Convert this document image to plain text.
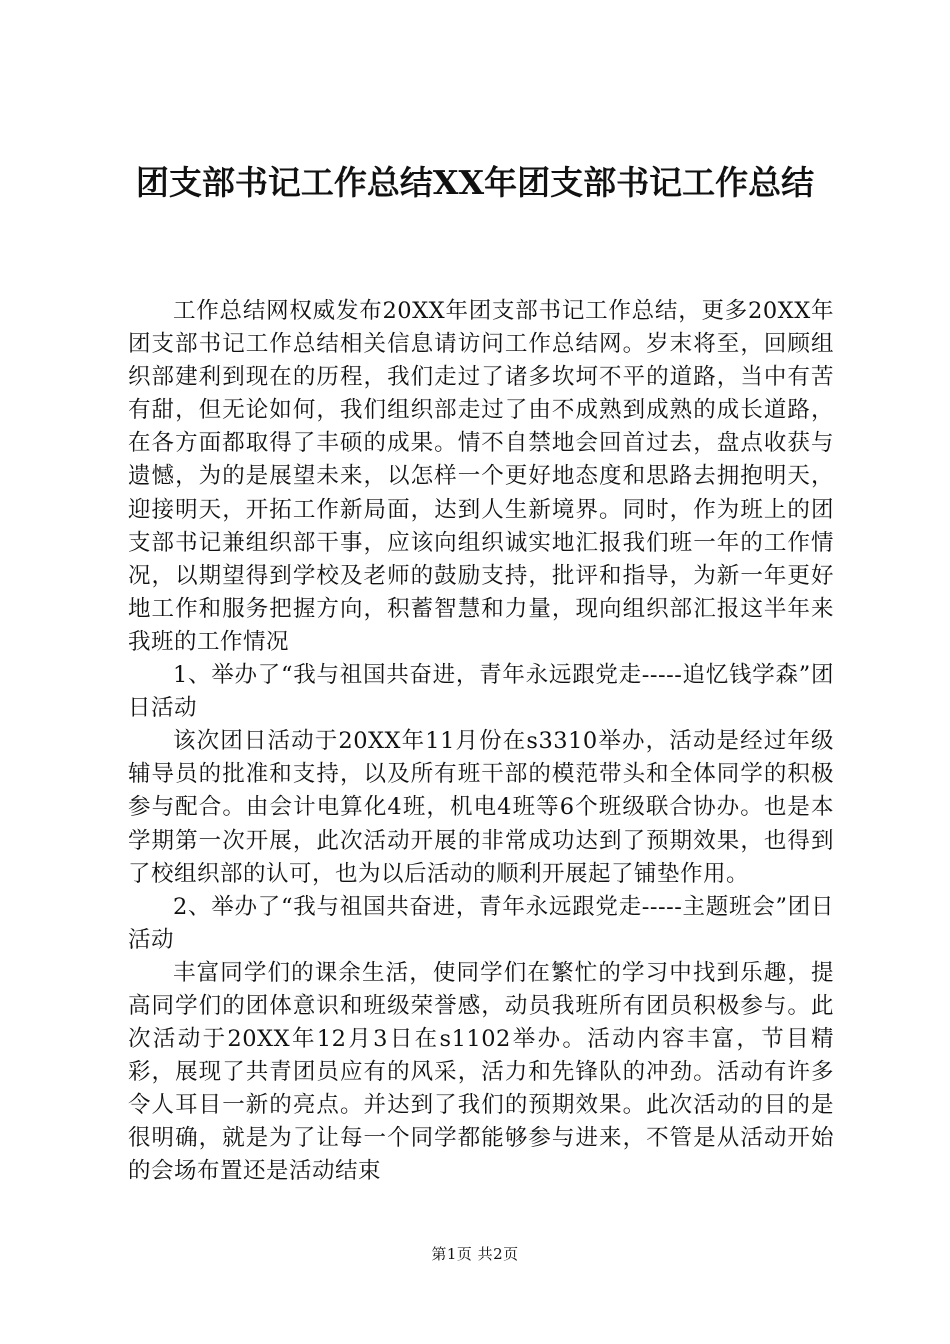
团支部书记工作总结XX年团支部书记工作总结

工作总结网权威发布20XX年团支部书记工作总结，更多20XX年团支部书记工作总结相关信息请访问工作总结网。岁末将至，回顾组织部建利到现在的历程，我们走过了诸多坎坷不平的道路，当中有苦有甜，但无论如何，我们组织部走过了由不成熟到成熟的成长道路，在各方面都取得了丰硕的成果。情不自禁地会回首过去，盘点收获与遗憾，为的是展望未来，以怎样一个更好地态度和思路去拥抱明天，迎接明天，开拓工作新局面，达到人生新境界。同时，作为班上的团支部书记兼组织部干事，应该向组织诚实地汇报我们班一年的工作情况，以期望得到学校及老师的鼓励支持，批评和指导，为新一年更好地工作和服务把握方向，积蓄智慧和力量，现向组织部汇报这半年来我班的工作情况

1、举办了“我与祖国共奋进，青年永远跟党走-----追忆钱学森”团日活动

该次团日活动于20XX年11月份在s3310举办，活动是经过年级辅导员的批准和支持，以及所有班干部的模范带头和全体同学的积极参与配合。由会计电算化4班，机电4班等6个班级联合协办。也是本学期第一次开展，此次活动开展的非常成功达到了预期效果，也得到了校组织部的认可，也为以后活动的顺利开展起了铺垫作用。

2、举办了“我与祖国共奋进，青年永远跟党走-----主题班会”团日活动

丰富同学们的课余生活，使同学们在繁忙的学习中找到乐趣，提高同学们的团体意识和班级荣誉感，动员我班所有团员积极参与。此次活动于20XX年12月3日在s1102举办。活动内容丰富，节目精彩，展现了共青团员应有的风采，活力和先锋队的冲劲。活动有许多令人耳目一新的亮点。并达到了我们的预期效果。此次活动的目的是很明确，就是为了让每一个同学都能够参与进来，不管是从活动开始的会场布置还是活动结束

第1页 共2页
